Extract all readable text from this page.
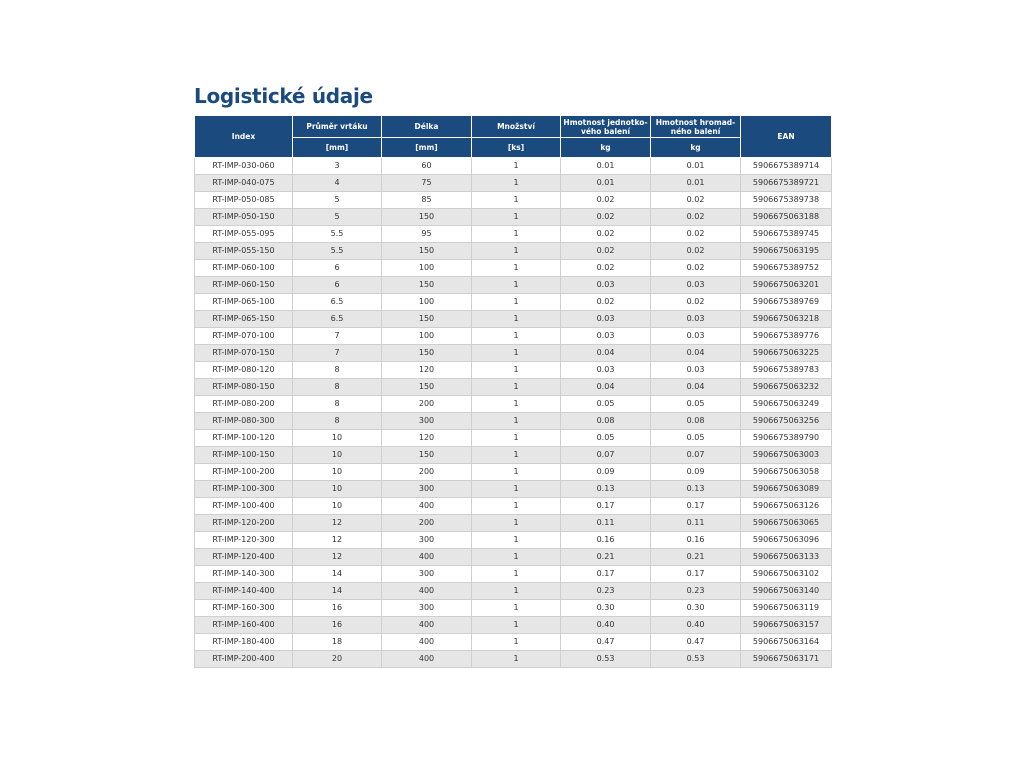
Logistické údaje
Index	Průměr vrtáku	Délka	Množství	Hmotnost jednotko-vého balení	Hmotnost hromad-ného balení	EAN
	[mm]	[mm]	[ks]	kg	kg	
RT-IMP-030-060	3	60	1	0.01	0.01	5906675389714
RT-IMP-040-075	4	75	1	0.01	0.01	5906675389721
RT-IMP-050-085	5	85	1	0.02	0.02	5906675389738
RT-IMP-050-150	5	150	1	0.02	0.02	5906675063188
RT-IMP-055-095	5.5	95	1	0.02	0.02	5906675389745
RT-IMP-055-150	5.5	150	1	0.02	0.02	5906675063195
RT-IMP-060-100	6	100	1	0.02	0.02	5906675389752
RT-IMP-060-150	6	150	1	0.03	0.03	5906675063201
RT-IMP-065-100	6.5	100	1	0.02	0.02	5906675389769
RT-IMP-065-150	6.5	150	1	0.03	0.03	5906675063218
RT-IMP-070-100	7	100	1	0.03	0.03	5906675389776
RT-IMP-070-150	7	150	1	0.04	0.04	5906675063225
RT-IMP-080-120	8	120	1	0.03	0.03	5906675389783
RT-IMP-080-150	8	150	1	0.04	0.04	5906675063232
RT-IMP-080-200	8	200	1	0.05	0.05	5906675063249
RT-IMP-080-300	8	300	1	0.08	0.08	5906675063256
RT-IMP-100-120	10	120	1	0.05	0.05	5906675389790
RT-IMP-100-150	10	150	1	0.07	0.07	5906675063003
RT-IMP-100-200	10	200	1	0.09	0.09	5906675063058
RT-IMP-100-300	10	300	1	0.13	0.13	5906675063089
RT-IMP-100-400	10	400	1	0.17	0.17	5906675063126
RT-IMP-120-200	12	200	1	0.11	0.11	5906675063065
RT-IMP-120-300	12	300	1	0.16	0.16	5906675063096
RT-IMP-120-400	12	400	1	0.21	0.21	5906675063133
RT-IMP-140-300	14	300	1	0.17	0.17	5906675063102
RT-IMP-140-400	14	400	1	0.23	0.23	5906675063140
RT-IMP-160-300	16	300	1	0.30	0.30	5906675063119
RT-IMP-160-400	16	400	1	0.40	0.40	5906675063157
RT-IMP-180-400	18	400	1	0.47	0.47	5906675063164
RT-IMP-200-400	20	400	1	0.53	0.53	5906675063171
